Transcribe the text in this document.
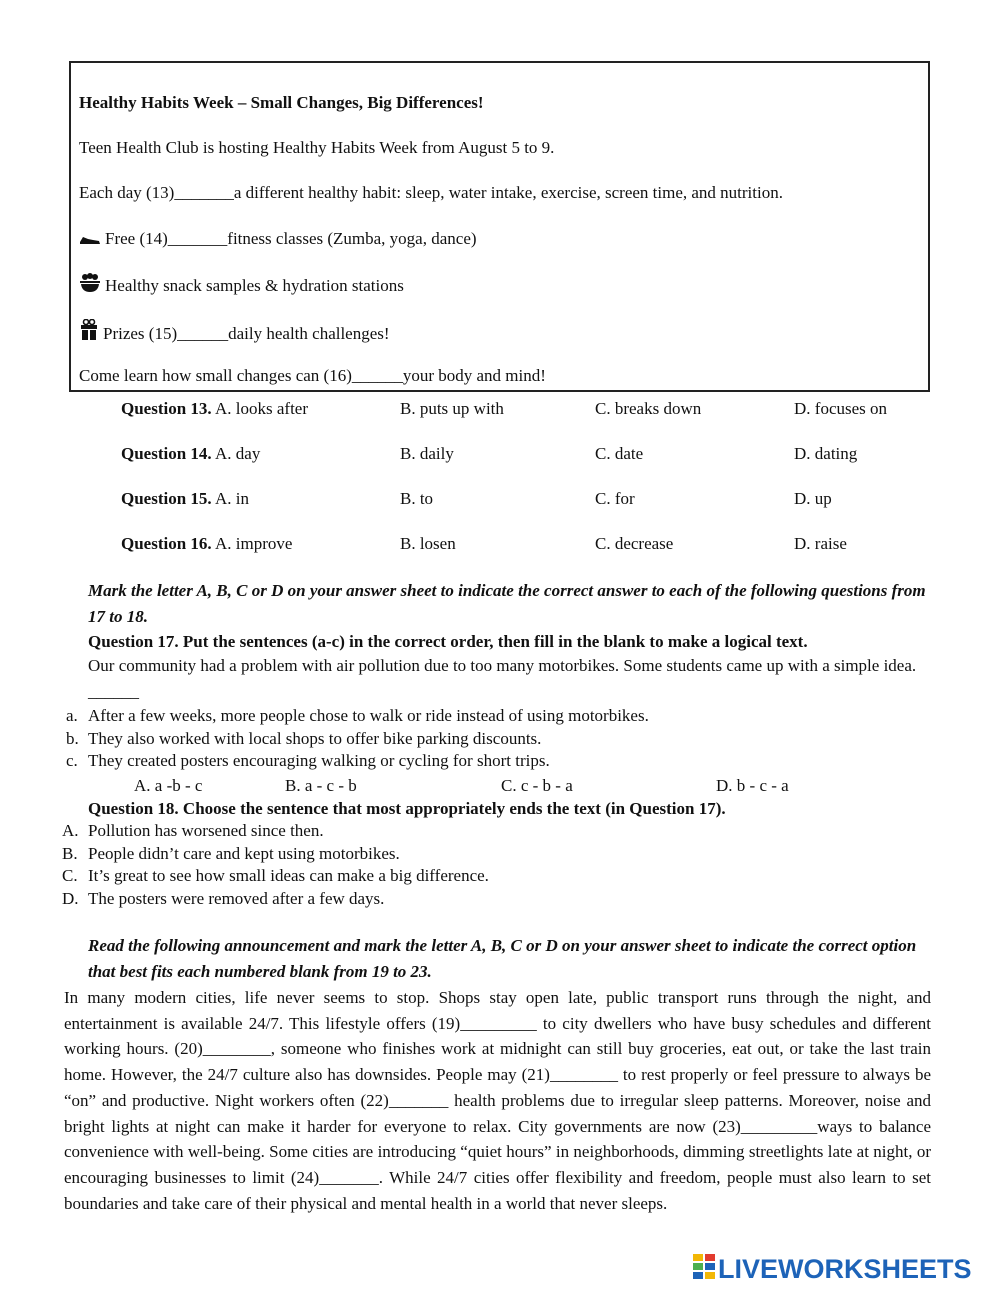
Healthy Habits Week – Small Changes, Big Differences!
Teen Health Club is hosting Healthy Habits Week from August 5 to 9.
Each day (13)_______a different healthy habit: sleep, water intake, exercise, screen time, and nutrition.
Free (14)_______fitness classes (Zumba, yoga, dance)
Healthy snack samples & hydration stations
Prizes (15)______daily health challenges!
Come learn how small changes can (16)______your body and mind!
Question 13. A. looks after	B. puts up with	C. breaks down	D. focuses on
Question 14. A. day	B. daily	C. date	D. dating
Question 15. A. in	B. to	C. for	D. up
Question 16. A. improve	B. losen	C. decrease	D. raise
Mark the letter A, B, C or D on your answer sheet to indicate the correct answer to each of the following questions from 17 to 18.
Question 17. Put the sentences (a-c) in the correct order, then fill in the blank to make a logical text.
Our community had a problem with air pollution due to too many motorbikes. Some students came up with a simple idea. ______
a. After a few weeks, more people chose to walk or ride instead of using motorbikes.
b. They also worked with local shops to offer bike parking discounts.
c. They created posters encouraging walking or cycling for short trips.
A. a -b - c	B. a - c - b	C. c - b - a	D. b - c - a
Question 18. Choose the sentence that most appropriately ends the text (in Question 17).
A. Pollution has worsened since then.
B. People didn’t care and kept using motorbikes.
C. It’s great to see how small ideas can make a big difference.
D. The posters were removed after a few days.
Read the following announcement and mark the letter A, B, C or D on your answer sheet to indicate the correct option that best fits each numbered blank from 19 to 23.

In many modern cities, life never seems to stop. Shops stay open late, public transport runs through the night, and entertainment is available 24/7. This lifestyle offers (19)_________ to city dwellers who have busy schedules and different working hours. (20)________, someone who finishes work at midnight can still buy groceries, eat out, or take the last train home. However, the 24/7 culture also has downsides. People may (21)________ to rest properly or feel pressure to always be “on” and productive. Night workers often (22)_______ health problems due to irregular sleep patterns. Moreover, noise and bright lights at night can make it harder for everyone to relax. City governments are now (23)_________ways to balance convenience with well-being. Some cities are introducing “quiet hours” in neighborhoods, dimming streetlights late at night, or encouraging businesses to limit (24)_______. While 24/7 cities offer flexibility and freedom, people must also learn to set boundaries and take care of their physical and mental health in a world that never sleeps.

LIVEWORKSHEETS
